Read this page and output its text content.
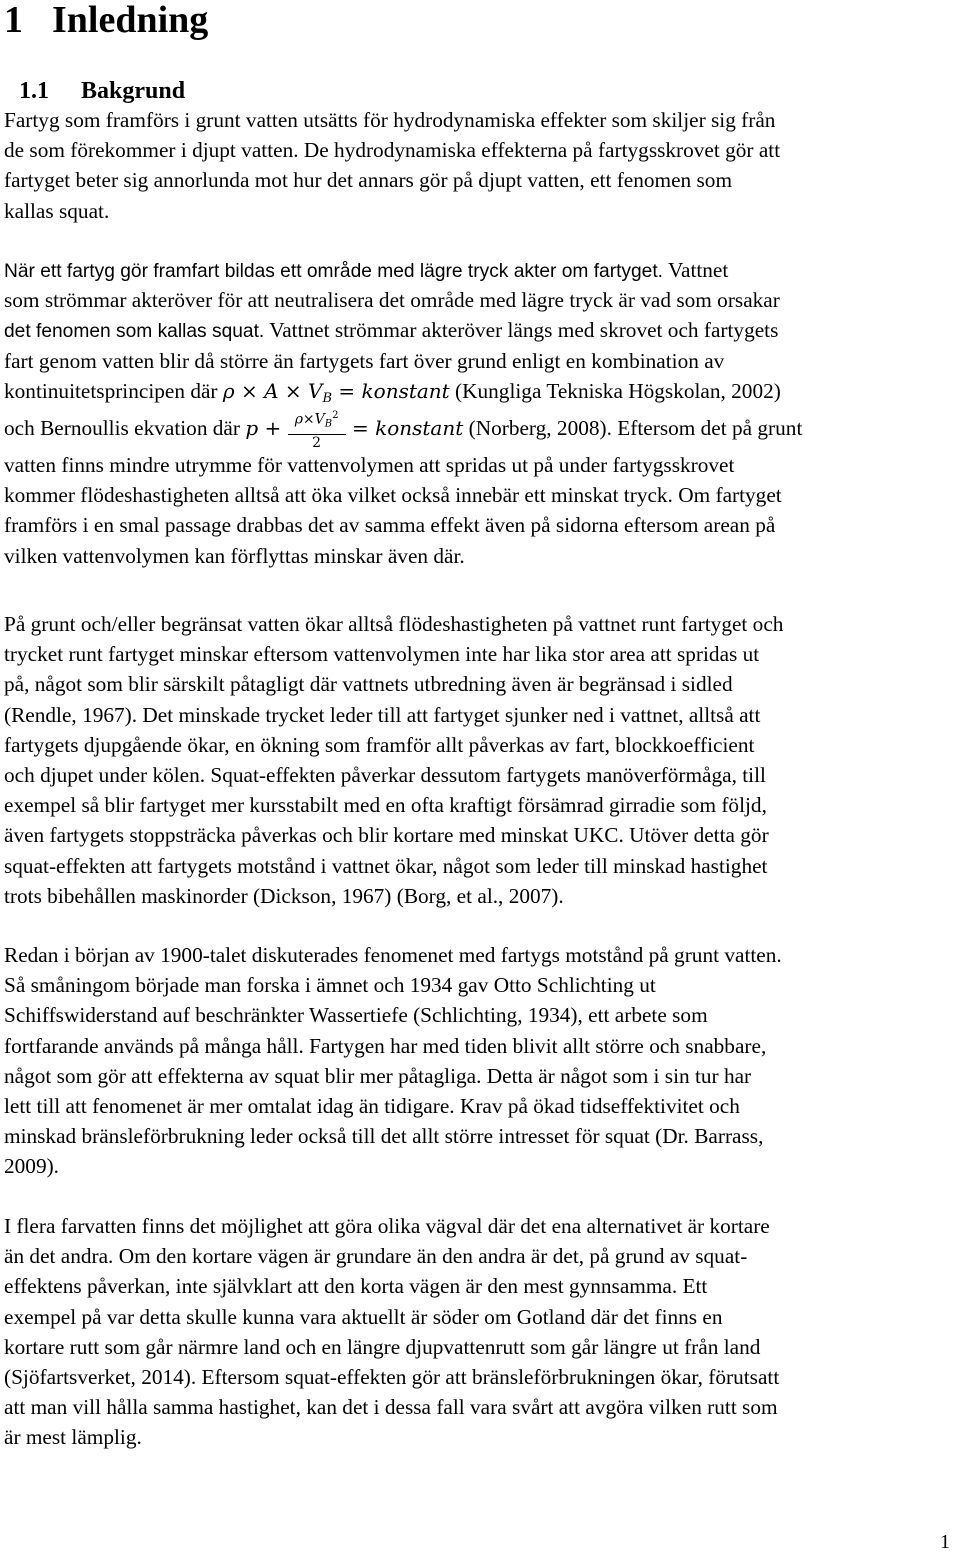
1 Inledning
1.1 Bakgrund
Fartyg som framförs i grunt vatten utsätts för hydrodynamiska effekter som skiljer sig från
de som förekommer i djupt vatten. De hydrodynamiska effekterna på fartygsskrovet gör att
fartyget beter sig annorlunda mot hur det annars gör på djupt vatten, ett fenomen som
kallas squat.
När ett fartyg gör framfart bildas ett område med lägre tryck akter om fartyget. Vattnet
som strömmar akteröver för att neutralisera det område med lägre tryck är vad som orsakar
det fenomen som kallas squat. Vattnet strömmar akteröver längs med skrovet och fartygets
fart genom vatten blir då större än fartygets fart över grund enligt en kombination av
kontinuitetsprincipen där $\rho \times A \times V_B$ = konstant (Kungliga Tekniska Högskolan, 2002)
och Bernoullis ekvation där $p + \frac{\rho\times V_B^2}{2}$ = konstant (Norberg, 2008). Eftersom det på grunt
vatten finns mindre utrymme för vattenvolymen att spridas ut på under fartygsskrovet
kommer flödeshastigheten alltså att öka vilket också innebär ett minskat tryck. Om fartyget
framförs i en smal passage drabbas det av samma effekt även på sidorna eftersom arean på
vilken vattenvolymen kan förflyttas minskar även där.
På grunt och/eller begränsat vatten ökar alltså flödeshastigheten på vattnet runt fartyget och
trycket runt fartyget minskar eftersom vattenvolymen inte har lika stor area att spridas ut
på, något som blir särskilt påtagligt där vattnets utbredning även är begränsad i sidled
(Rendle, 1967). Det minskade trycket leder till att fartyget sjunker ned i vattnet, alltså att
fartygets djupgående ökar, en ökning som framför allt påverkas av fart, blockkoefficient
och djupet under kölen. Squat-effekten påverkar dessutom fartygets manöverförmåga, till
exempel så blir fartyget mer kursstabilt med en ofta kraftigt försämrad girradie som följd,
även fartygets stoppsträcka påverkas och blir kortare med minskat UKC. Utöver detta gör
squat-effekten att fartygets motstånd i vattnet ökar, något som leder till minskad hastighet
trots bibehållen maskinorder (Dickson, 1967) (Borg, et al., 2007).
Redan i början av 1900-talet diskuterades fenomenet med fartygs motstånd på grunt vatten.
Så småningom började man forska i ämnet och 1934 gav Otto Schlichting ut
Schiffswiderstand auf beschränkter Wassertiefe (Schlichting, 1934), ett arbete som
fortfarande används på många håll. Fartygen har med tiden blivit allt större och snabbare,
något som gör att effekterna av squat blir mer påtagliga. Detta är något som i sin tur har
lett till att fenomenet är mer omtalat idag än tidigare. Krav på ökad tidseffektivitet och
minskad bränsleförbrukning leder också till det allt större intresset för squat (Dr. Barrass,
2009).
I flera farvatten finns det möjlighet att göra olika vägval där det ena alternativet är kortare
än det andra. Om den kortare vägen är grundare än den andra är det, på grund av squat-
effektens påverkan, inte självklart att den korta vägen är den mest gynnsamma. Ett
exempel på var detta skulle kunna vara aktuellt är söder om Gotland där det finns en
kortare rutt som går närmre land och en längre djupvattenrutt som går längre ut från land
(Sjöfartsverket, 2014). Eftersom squat-effekten gör att bränsleförbrukningen ökar, förutsatt
att man vill hålla samma hastighet, kan det i dessa fall vara svårt att avgöra vilken rutt som
är mest lämplig.
1
